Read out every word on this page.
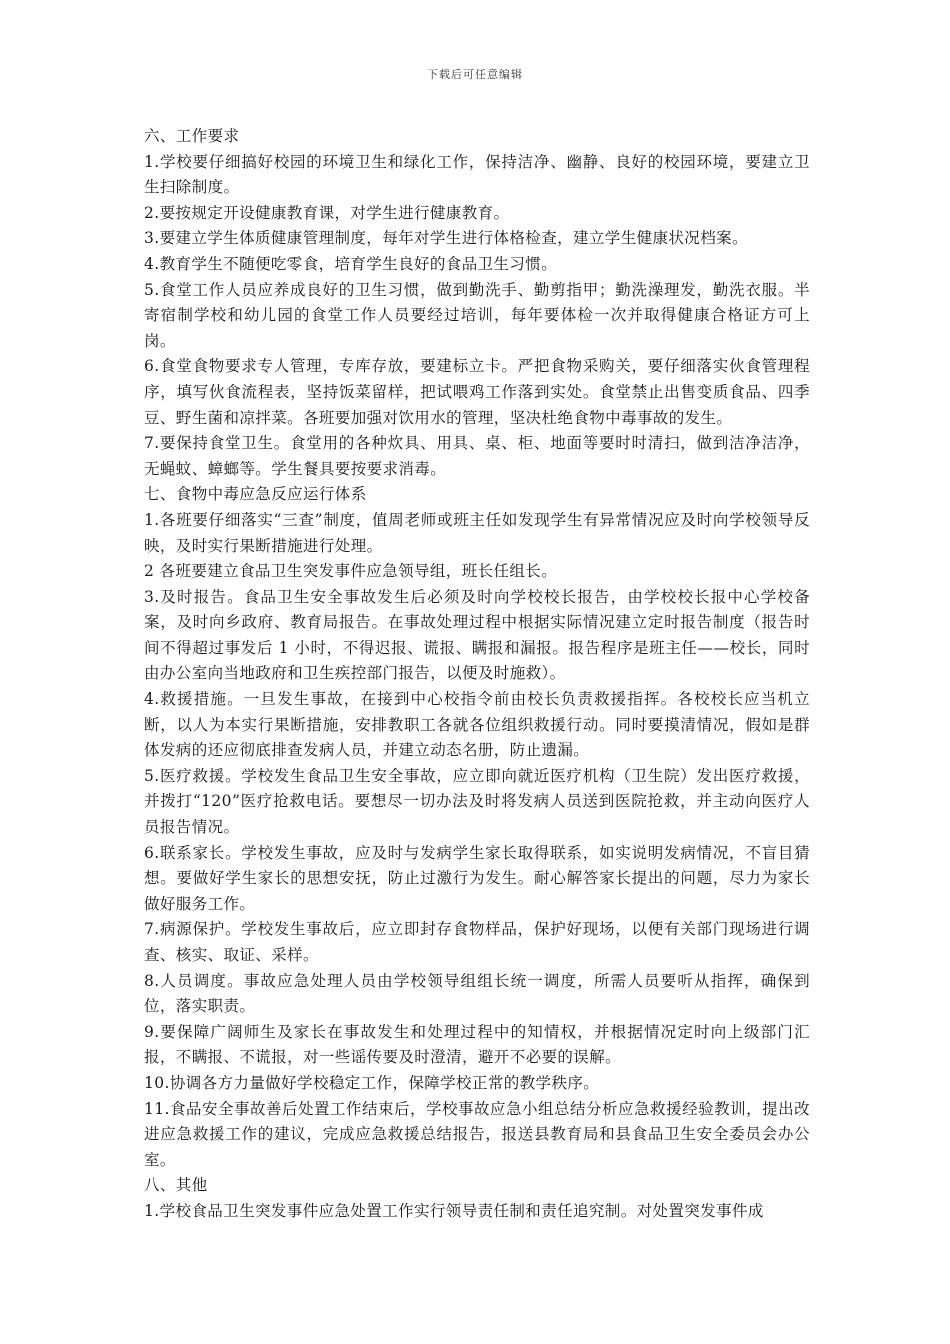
下载后可任意编辑

六、工作要求

1.学校要仔细搞好校园的环境卫生和绿化工作，保持洁净、幽静、良好的校园环境，要建立卫生扫除制度。

2.要按规定开设健康教育课，对学生进行健康教育。

3.要建立学生体质健康管理制度，每年对学生进行体格检查，建立学生健康状况档案。

4.教育学生不随便吃零食，培育学生良好的食品卫生习惯。

5.食堂工作人员应养成良好的卫生习惯，做到勤洗手、勤剪指甲；勤洗澡理发，勤洗衣服。半寄宿制学校和幼儿园的食堂工作人员要经过培训，每年要体检一次并取得健康合格证方可上岗。

6.食堂食物要求专人管理，专库存放，要建标立卡。严把食物采购关，要仔细落实伙食管理程序，填写伙食流程表，坚持饭菜留样，把试喂鸡工作落到实处。食堂禁止出售变质食品、四季豆、野生菌和凉拌菜。各班要加强对饮用水的管理，坚决杜绝食物中毒事故的发生。

7.要保持食堂卫生。食堂用的各种炊具、用具、桌、柜、地面等要时时清扫，做到洁净洁净，无蝇蚊、蟑螂等。学生餐具要按要求消毒。

七、食物中毒应急反应运行体系

1.各班要仔细落实“三查”制度，值周老师或班主任如发现学生有异常情况应及时向学校领导反映，及时实行果断措施进行处理。

2 各班要建立食品卫生突发事件应急领导组，班长任组长。

3.及时报告。食品卫生安全事故发生后必须及时向学校校长报告，由学校校长报中心学校备案，及时向乡政府、教育局报告。在事故处理过程中根据实际情况建立定时报告制度（报告时间不得超过事发后 1 小时，不得迟报、谎报、瞒报和漏报。报告程序是班主任——校长，同时由办公室向当地政府和卫生疾控部门报告，以便及时施救）。

4.救援措施。一旦发生事故，在接到中心校指令前由校长负责救援指挥。各校校长应当机立断，以人为本实行果断措施，安排教职工各就各位组织救援行动。同时要摸清情况，假如是群体发病的还应彻底排查发病人员，并建立动态名册，防止遗漏。

5.医疗救援。学校发生食品卫生安全事故，应立即向就近医疗机构（卫生院）发出医疗救援，并拨打“120”医疗抢救电话。要想尽一切办法及时将发病人员送到医院抢救，并主动向医疗人员报告情况。

6.联系家长。学校发生事故，应及时与发病学生家长取得联系，如实说明发病情况，不盲目猜想。要做好学生家长的思想安抚，防止过激行为发生。耐心解答家长提出的问题，尽力为家长做好服务工作。

7.病源保护。学校发生事故后，应立即封存食物样品，保护好现场，以便有关部门现场进行调查、核实、取证、采样。

8.人员调度。事故应急处理人员由学校领导组组长统一调度，所需人员要听从指挥，确保到位，落实职责。

9.要保障广阔师生及家长在事故发生和处理过程中的知情权，并根据情况定时向上级部门汇报，不瞒报、不谎报，对一些谣传要及时澄清，避开不必要的误解。

10.协调各方力量做好学校稳定工作，保障学校正常的教学秩序。

11.食品安全事故善后处置工作结束后，学校事故应急小组总结分析应急救援经验教训，提出改进应急救援工作的建议，完成应急救援总结报告，报送县教育局和县食品卫生安全委员会办公室。

八、其他

1.学校食品卫生突发事件应急处置工作实行领导责任制和责任追究制。对处置突发事件成
